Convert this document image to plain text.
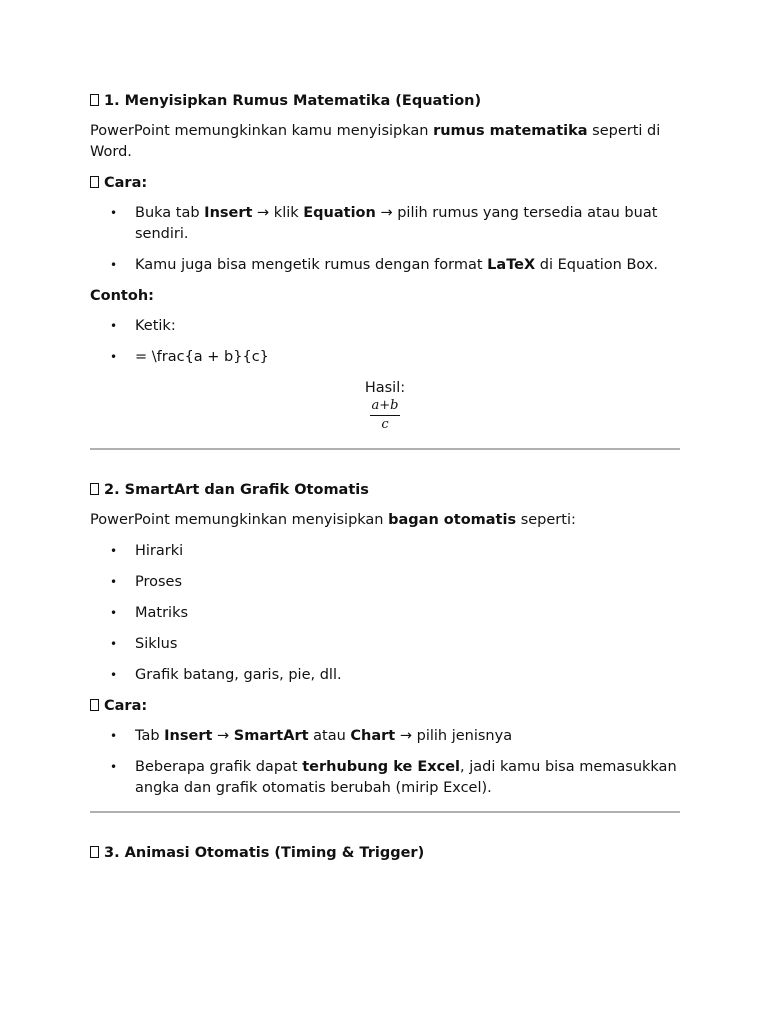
1. Menyisipkan Rumus Matematika (Equation)

PowerPoint memungkinkan kamu menyisipkan rumus matematika seperti di Word.

Cara:
• Buka tab Insert → klik Equation → pilih rumus yang tersedia atau buat sendiri.
• Kamu juga bisa mengetik rumus dengan format LaTeX di Equation Box.
Contoh:
• Ketik:
• = \frac{a + b}{c}
Hasil:
$\frac{a+b}{c}$
2. SmartArt dan Grafik Otomatis

PowerPoint memungkinkan menyisipkan bagan otomatis seperti:

• Hirarki
• Proses
• Matriks
• Siklus
• Grafik batang, garis, pie, dll.
Cara:
• Tab Insert → SmartArt atau Chart → pilih jenisnya
• Beberapa grafik dapat terhubung ke Excel, jadi kamu bisa memasukkan angka dan grafik otomatis berubah (mirip Excel).
3. Animasi Otomatis (Timing & Trigger)
